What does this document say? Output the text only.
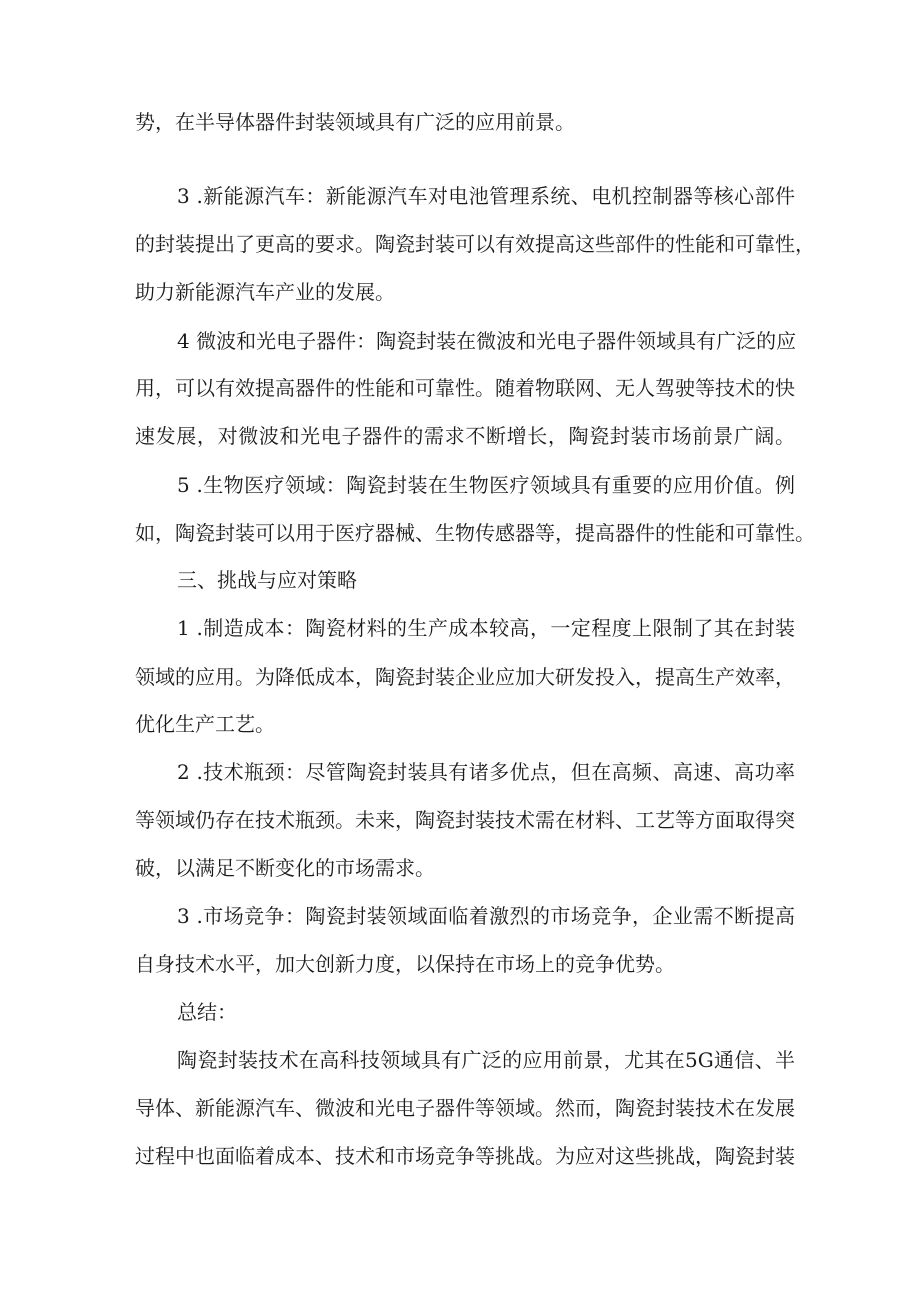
势，在半导体器件封装领域具有广泛的应用前景。
3 .新能源汽车：新能源汽车对电池管理系统、电机控制器等核心部件
的封装提出了更高的要求。陶瓷封装可以有效提高这些部件的性能和可靠性，
助力新能源汽车产业的发展。
4 微波和光电子器件：陶瓷封装在微波和光电子器件领域具有广泛的应
用，可以有效提高器件的性能和可靠性。随着物联网、无人驾驶等技术的快
速发展，对微波和光电子器件的需求不断增长，陶瓷封装市场前景广阔。
5 .生物医疗领域：陶瓷封装在生物医疗领域具有重要的应用价值。例
如，陶瓷封装可以用于医疗器械、生物传感器等，提高器件的性能和可靠性。
三、挑战与应对策略
1 .制造成本：陶瓷材料的生产成本较高，一定程度上限制了其在封装
领域的应用。为降低成本，陶瓷封装企业应加大研发投入，提高生产效率，
优化生产工艺。
2 .技术瓶颈：尽管陶瓷封装具有诸多优点，但在高频、高速、高功率
等领域仍存在技术瓶颈。未来，陶瓷封装技术需在材料、工艺等方面取得突
破，以满足不断变化的市场需求。
3 .市场竞争：陶瓷封装领域面临着激烈的市场竞争，企业需不断提高
自身技术水平，加大创新力度，以保持在市场上的竞争优势。
总结：
陶瓷封装技术在高科技领域具有广泛的应用前景，尤其在5G通信、半
导体、新能源汽车、微波和光电子器件等领域。然而，陶瓷封装技术在发展
过程中也面临着成本、技术和市场竞争等挑战。为应对这些挑战，陶瓷封装
